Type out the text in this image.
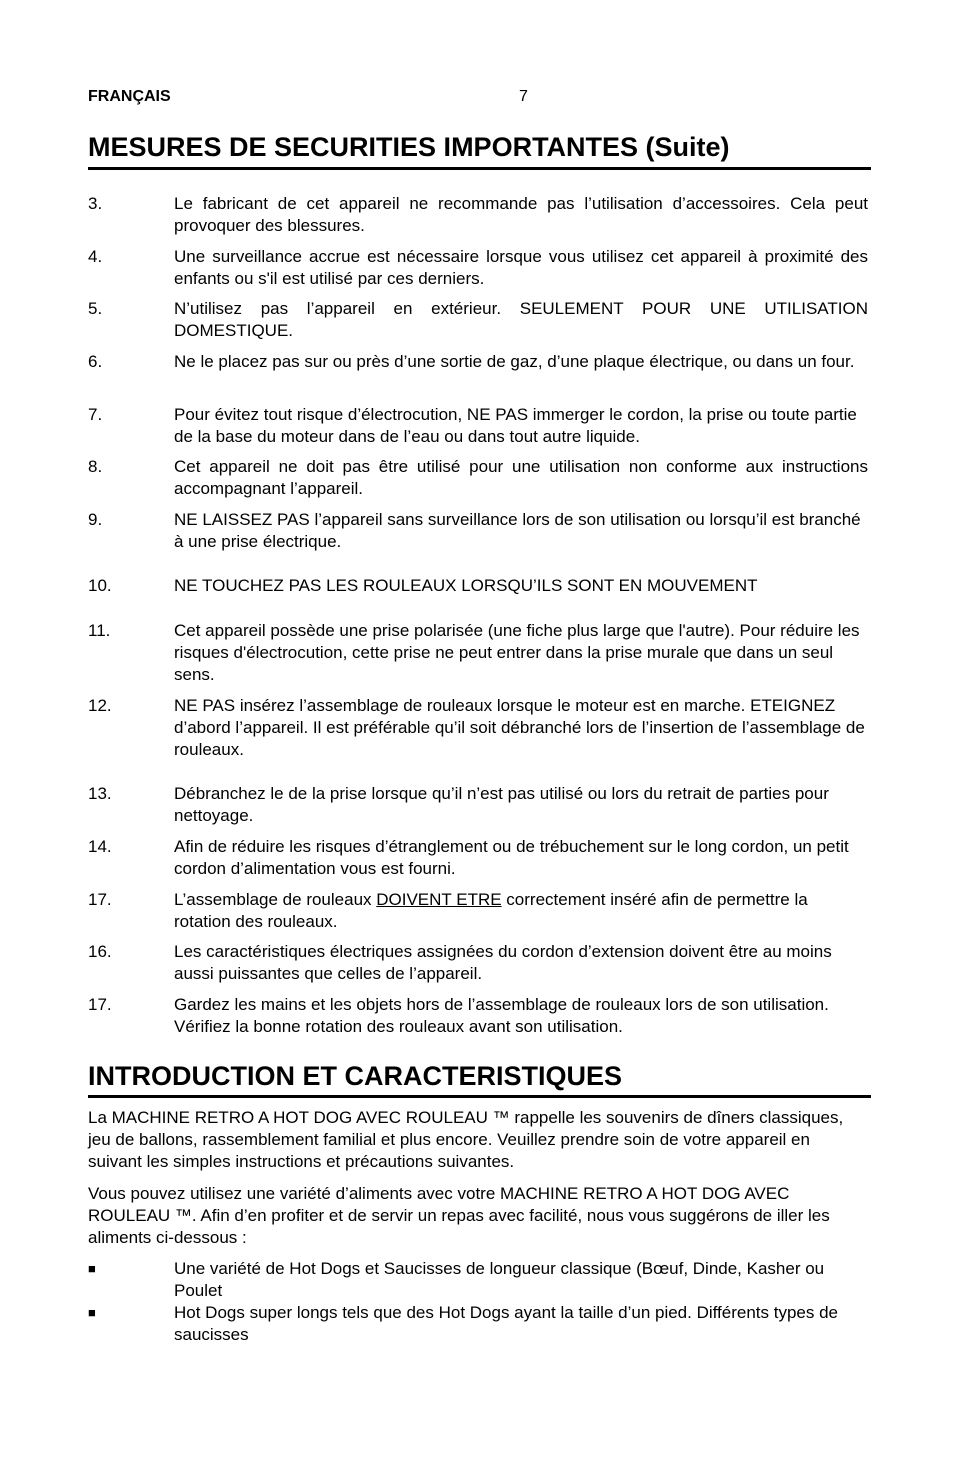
FRANÇAIS	7
MESURES DE SECURITIES IMPORTANTES (Suite)
3.	Le fabricant de cet appareil ne recommande pas l’utilisation d’accessoires. Cela peut provoquer des blessures.
4.	Une surveillance accrue est nécessaire lorsque vous utilisez cet appareil à proximité des enfants ou s'il est utilisé par ces derniers.
5.	N’utilisez pas l’appareil en extérieur. SEULEMENT POUR UNE UTILISATION DOMESTIQUE.
6.	Ne le placez pas sur ou près d’une sortie de gaz, d’une plaque électrique, ou dans un four.
7.	Pour évitez tout risque d’électrocution, NE PAS immerger le cordon, la prise ou toute partie de la base du moteur dans de l’eau ou dans tout autre liquide.
8.	Cet appareil ne doit pas être utilisé pour une utilisation non conforme aux instructions accompagnant l’appareil.
9.	NE LAISSEZ PAS l’appareil sans surveillance lors de son utilisation ou lorsqu’il est branché à une prise électrique.
10.	NE TOUCHEZ PAS LES ROULEAUX LORSQU’ILS SONT EN MOUVEMENT
11.	Cet appareil possède une prise polarisée (une fiche plus large que l'autre). Pour réduire les risques d'électrocution, cette prise ne peut entrer dans la prise murale que dans un seul sens.
12.	NE PAS insérez l’assemblage de rouleaux lorsque le moteur est en marche. ETEIGNEZ d’abord l’appareil. Il est préférable qu’il soit débranché lors de l’insertion de l’assemblage de rouleaux.
13.	Débranchez le de la prise lorsque qu’il n’est pas utilisé ou lors du retrait de parties pour nettoyage.
14.	Afin de réduire les risques d’étranglement ou de trébuchement sur le long cordon, un petit cordon d’alimentation vous est fourni.
17.	L’assemblage de rouleaux DOIVENT ETRE correctement inséré afin de permettre la rotation des rouleaux.
16.	Les caractéristiques électriques assignées du cordon d’extension doivent être au moins aussi puissantes que celles de l’appareil.
17.	Gardez les mains et les objets hors de l’assemblage de rouleaux lors de son utilisation. Vérifiez la bonne rotation des rouleaux avant son utilisation.
INTRODUCTION ET CARACTERISTIQUES
La MACHINE RETRO A HOT DOG AVEC ROULEAU ™ rappelle les souvenirs de dîners classiques, jeu de ballons, rassemblement familial et plus encore. Veuillez prendre soin de votre appareil en suivant les simples instructions et précautions suivantes.
Vous pouvez utilisez une variété d’aliments avec votre MACHINE RETRO A HOT DOG AVEC ROULEAU ™. Afin d’en profiter et de servir un repas avec facilité, nous vous suggérons de iller les aliments ci-dessous :
■	Une variété de Hot Dogs et Saucisses de longueur classique (Bœuf, Dinde, Kasher ou Poulet
■	Hot Dogs super longs tels que des Hot Dogs ayant la taille d’un pied. Différents types de saucisses
